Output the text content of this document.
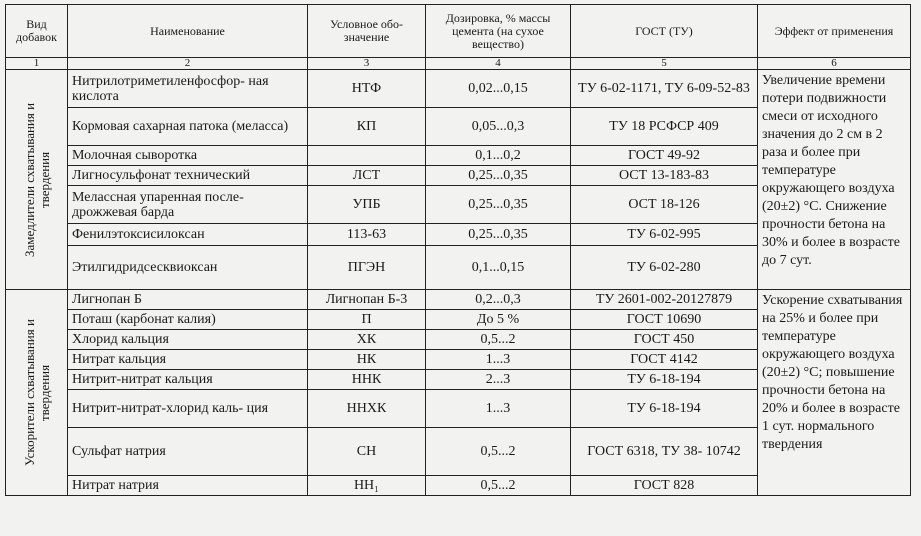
Вид добавок	Наименование	Условное обо- значение	Дозировка, % массы цемента (на сухое вещество)	ГОСТ (ТУ)	Эффект от применения
1	2	3	4	5	6

Замедлители схватывания и твердения	Нитрилотриметиленфосфор- ная кислота	НТФ	0,02...0,15	ТУ 6-02-1171, ТУ 6-09-52-83	Увеличение времени потери подвижности смеси от исходного значения до 2 см в 2 раза и более при температуре окружающего воздуха (20±2) °С. Снижение прочности бетона на 30% и более в возрасте до 7 сут.
	Кормовая сахарная патока (меласса)	КП	0,05...0,3	ТУ 18 РСФСР 409	
	Молочная сыворотка		0,1...0,2	ГОСТ 49-92	
	Лигносульфонат технический	ЛСТ	0,25...0,35	ОСТ 13-183-83	
	Мелассная упаренная после- дрожжевая барда	УПБ	0,25...0,35	ОСТ 18-126	
	Фенилэтоксисилоксан	113-63	0,25...0,35	ТУ 6-02-995	
	Этилгидридсесквиоксан	ПГЭН	0,1...0,15	ТУ 6-02-280	

Ускорители схватывания и твердения	Лигнопан Б	Лигнопан Б-3	0,2...0,3	ТУ 2601-002-20127879	Ускорение схватывания на 25% и более при температуре окружающего воздуха (20±2) °С; повышение прочности бетона на 20% и более в возрасте 1 сут. нормального твердения
	Поташ (карбонат калия)	П	До 5 %	ГОСТ 10690	
	Хлорид кальция	ХК	0,5...2	ГОСТ 450	
	Нитрат кальция	НК	1...3	ГОСТ 4142	
	Нитрит-нитрат кальция	ННК	2...3	ТУ 6-18-194	
	Нитрит-нитрат-хлорид каль- ция	ННХК	1...3	ТУ 6-18-194	
	Сульфат натрия	СН	0,5...2	ГОСТ 6318, ТУ 38- 10742	
	Нитрат натрия	НН₁	0,5...2	ГОСТ 828	
